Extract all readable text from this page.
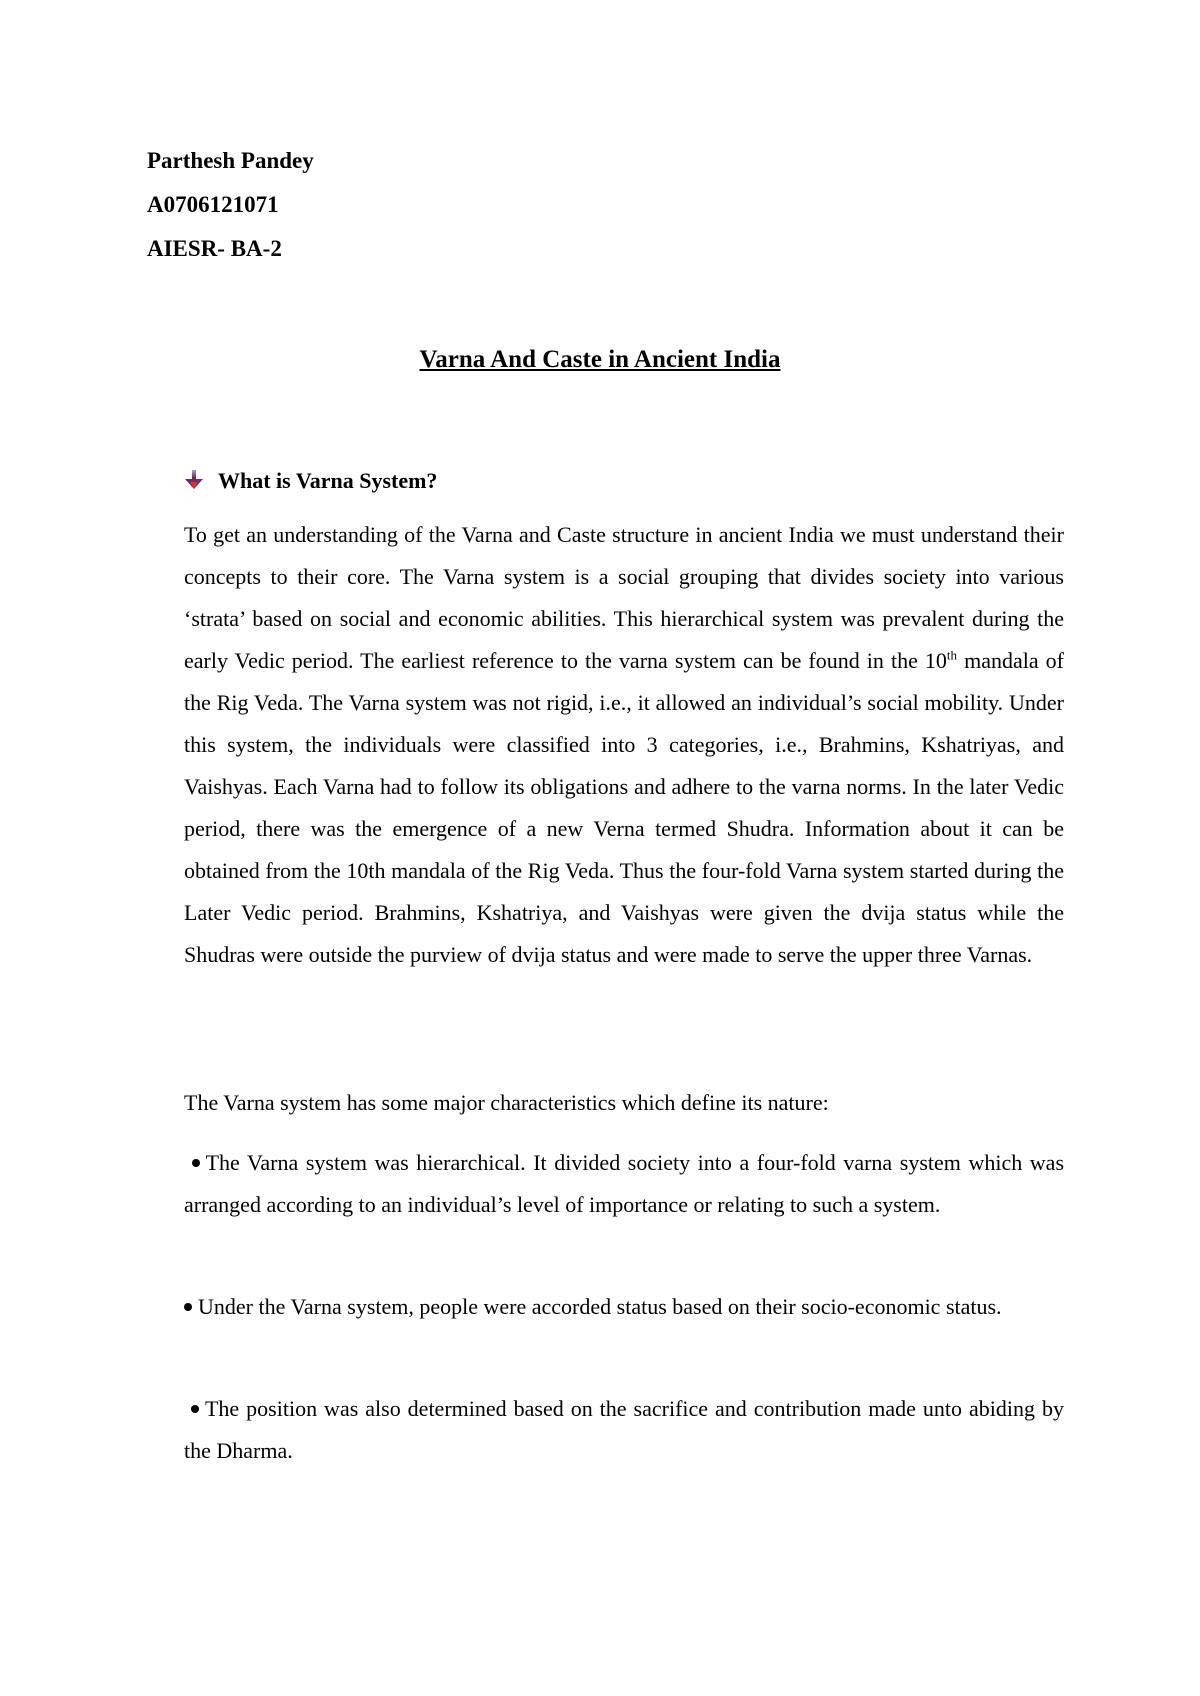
Parthesh Pandey
A0706121071
AIESR- BA-2
Varna And Caste in Ancient India
What is Varna System?

To get an understanding of the Varna and Caste structure in ancient India we must understand their concepts to their core. The Varna system is a social grouping that divides society into various ‘strata’ based on social and economic abilities. This hierarchical system was prevalent during the early Vedic period. The earliest reference to the varna system can be found in the 10th mandala of the Rig Veda. The Varna system was not rigid, i.e., it allowed an individual’s social mobility. Under this system, the individuals were classified into 3 categories, i.e., Brahmins, Kshatriyas, and Vaishyas. Each Varna had to follow its obligations and adhere to the varna norms. In the later Vedic period, there was the emergence of a new Verna termed Shudra. Information about it can be obtained from the 10th mandala of the Rig Veda. Thus the four-fold Varna system started during the Later Vedic period. Brahmins, Kshatriya, and Vaishyas were given the dvija status while the Shudras were outside the purview of dvija status and were made to serve the upper three Varnas.

The Varna system has some major characteristics which define its nature:

The Varna system was hierarchical. It divided society into a four-fold varna system which was arranged according to an individual’s level of importance or relating to such a system.

Under the Varna system, people were accorded status based on their socio-economic status.

The position was also determined based on the sacrifice and contribution made unto abiding by the Dharma.
